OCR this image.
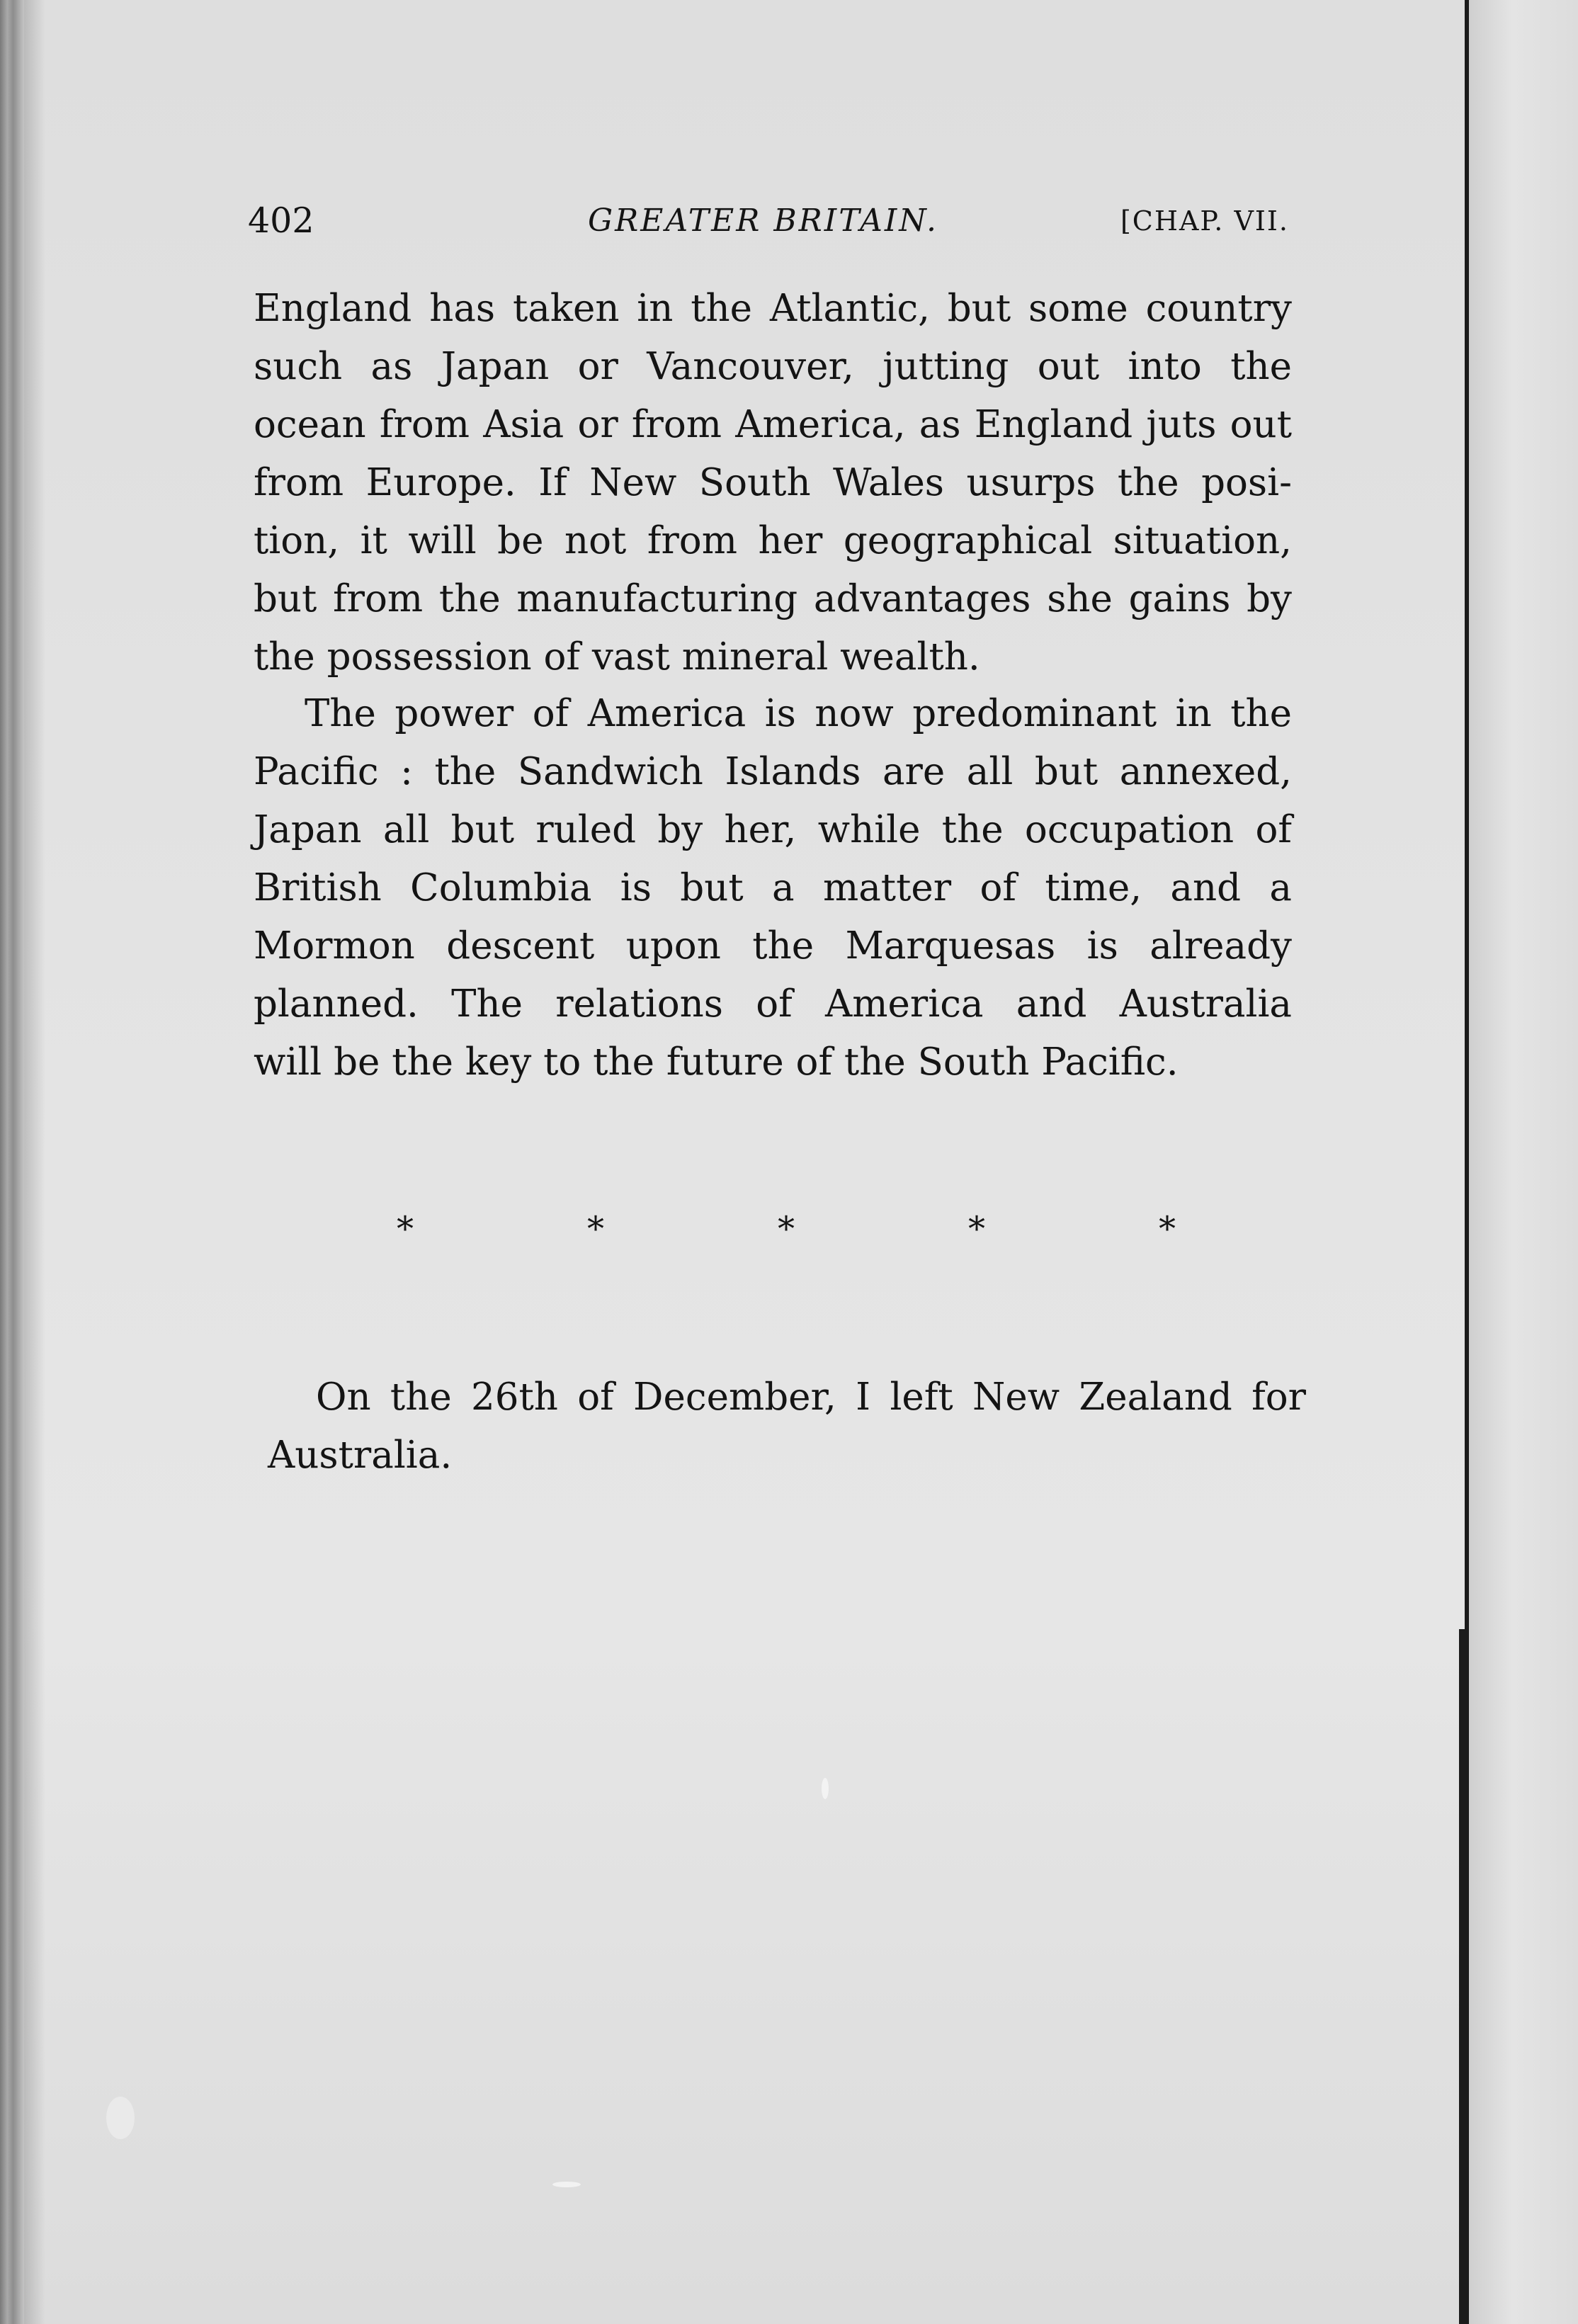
402	GREATER BRITAIN.	[CHAP. VII.
England has taken in the Atlantic, but some country
such as Japan or Vancouver, jutting out into the
ocean from Asia or from America, as England juts out
from Europe. If New South Wales usurps the posi-
tion, it will be not from her geographical situation,
but from the manufacturing advantages she gains by
the possession of vast mineral wealth.
The power of America is now predominant in the
Pacific : the Sandwich Islands are all but annexed,
Japan all but ruled by her, while the occupation of
British Columbia is but a matter of time, and a
Mormon descent upon the Marquesas is already
planned. The relations of America and Australia
will be the key to the future of the South Pacific.
*	*	*	*	*
On the 26th of December, I left New Zealand for
Australia.
